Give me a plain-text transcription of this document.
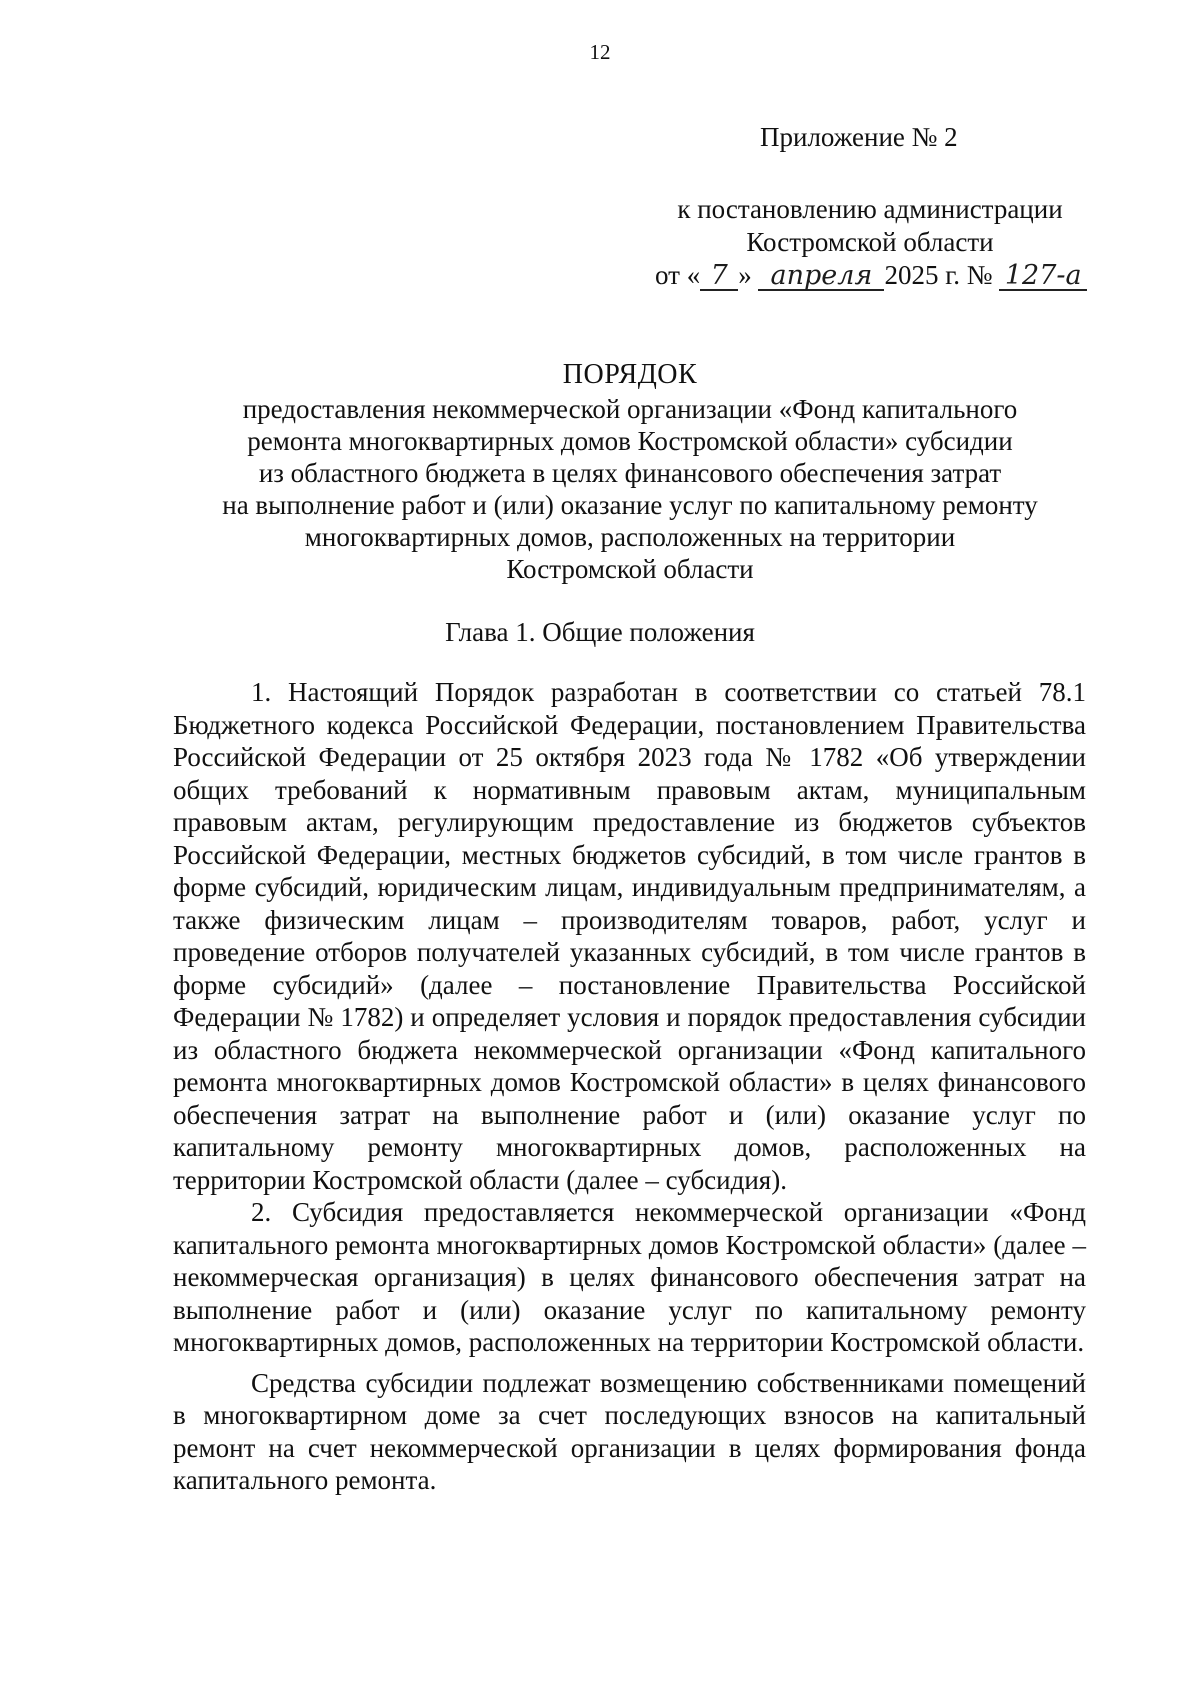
12
Приложение № 2
к постановлению администрации
Костромской области
от « 7 » апреля 2025 г. № 127-а
ПОРЯДОК
предоставления некоммерческой организации «Фонд капитального
ремонта многоквартирных домов Костромской области» субсидии
из областного бюджета в целях финансового обеспечения затрат
на выполнение работ и (или) оказание услуг по капитальному ремонту
многоквартирных домов, расположенных на территории
Костромской области
Глава 1. Общие положения

1. Настоящий Порядок разработан в соответствии со статьей 78.1 Бюджетного кодекса Российской Федерации, постановлением Правительства Российской Федерации от 25 октября 2023 года № 1782 «Об утверждении общих требований к нормативным правовым актам, муниципальным правовым актам, регулирующим предоставление из бюджетов субъектов Российской Федерации, местных бюджетов субсидий, в том числе грантов в форме субсидий, юридическим лицам, индивидуальным предпринимателям, а также физическим лицам – производителям товаров, работ, услуг и проведение отборов получателей указанных субсидий, в том числе грантов в форме субсидий» (далее – постановление Правительства Российской Федерации № 1782) и определяет условия и порядок предоставления субсидии из областного бюджета некоммерческой организации «Фонд капитального ремонта многоквартирных домов Костромской области» в целях финансового обеспечения затрат на выполнение работ и (или) оказание услуг по капитальному ремонту многоквартирных домов, расположенных на территории Костромской области (далее – субсидия).

2. Субсидия предоставляется некоммерческой организации «Фонд капитального ремонта многоквартирных домов Костромской области» (далее – некоммерческая организация) в целях финансового обеспечения затрат на выполнение работ и (или) оказание услуг по капитальному ремонту многоквартирных домов, расположенных на территории Костромской области.

Средства субсидии подлежат возмещению собственниками помещений в многоквартирном доме за счет последующих взносов на капитальный ремонт на счет некоммерческой организации в целях формирования фонда капитального ремонта.
